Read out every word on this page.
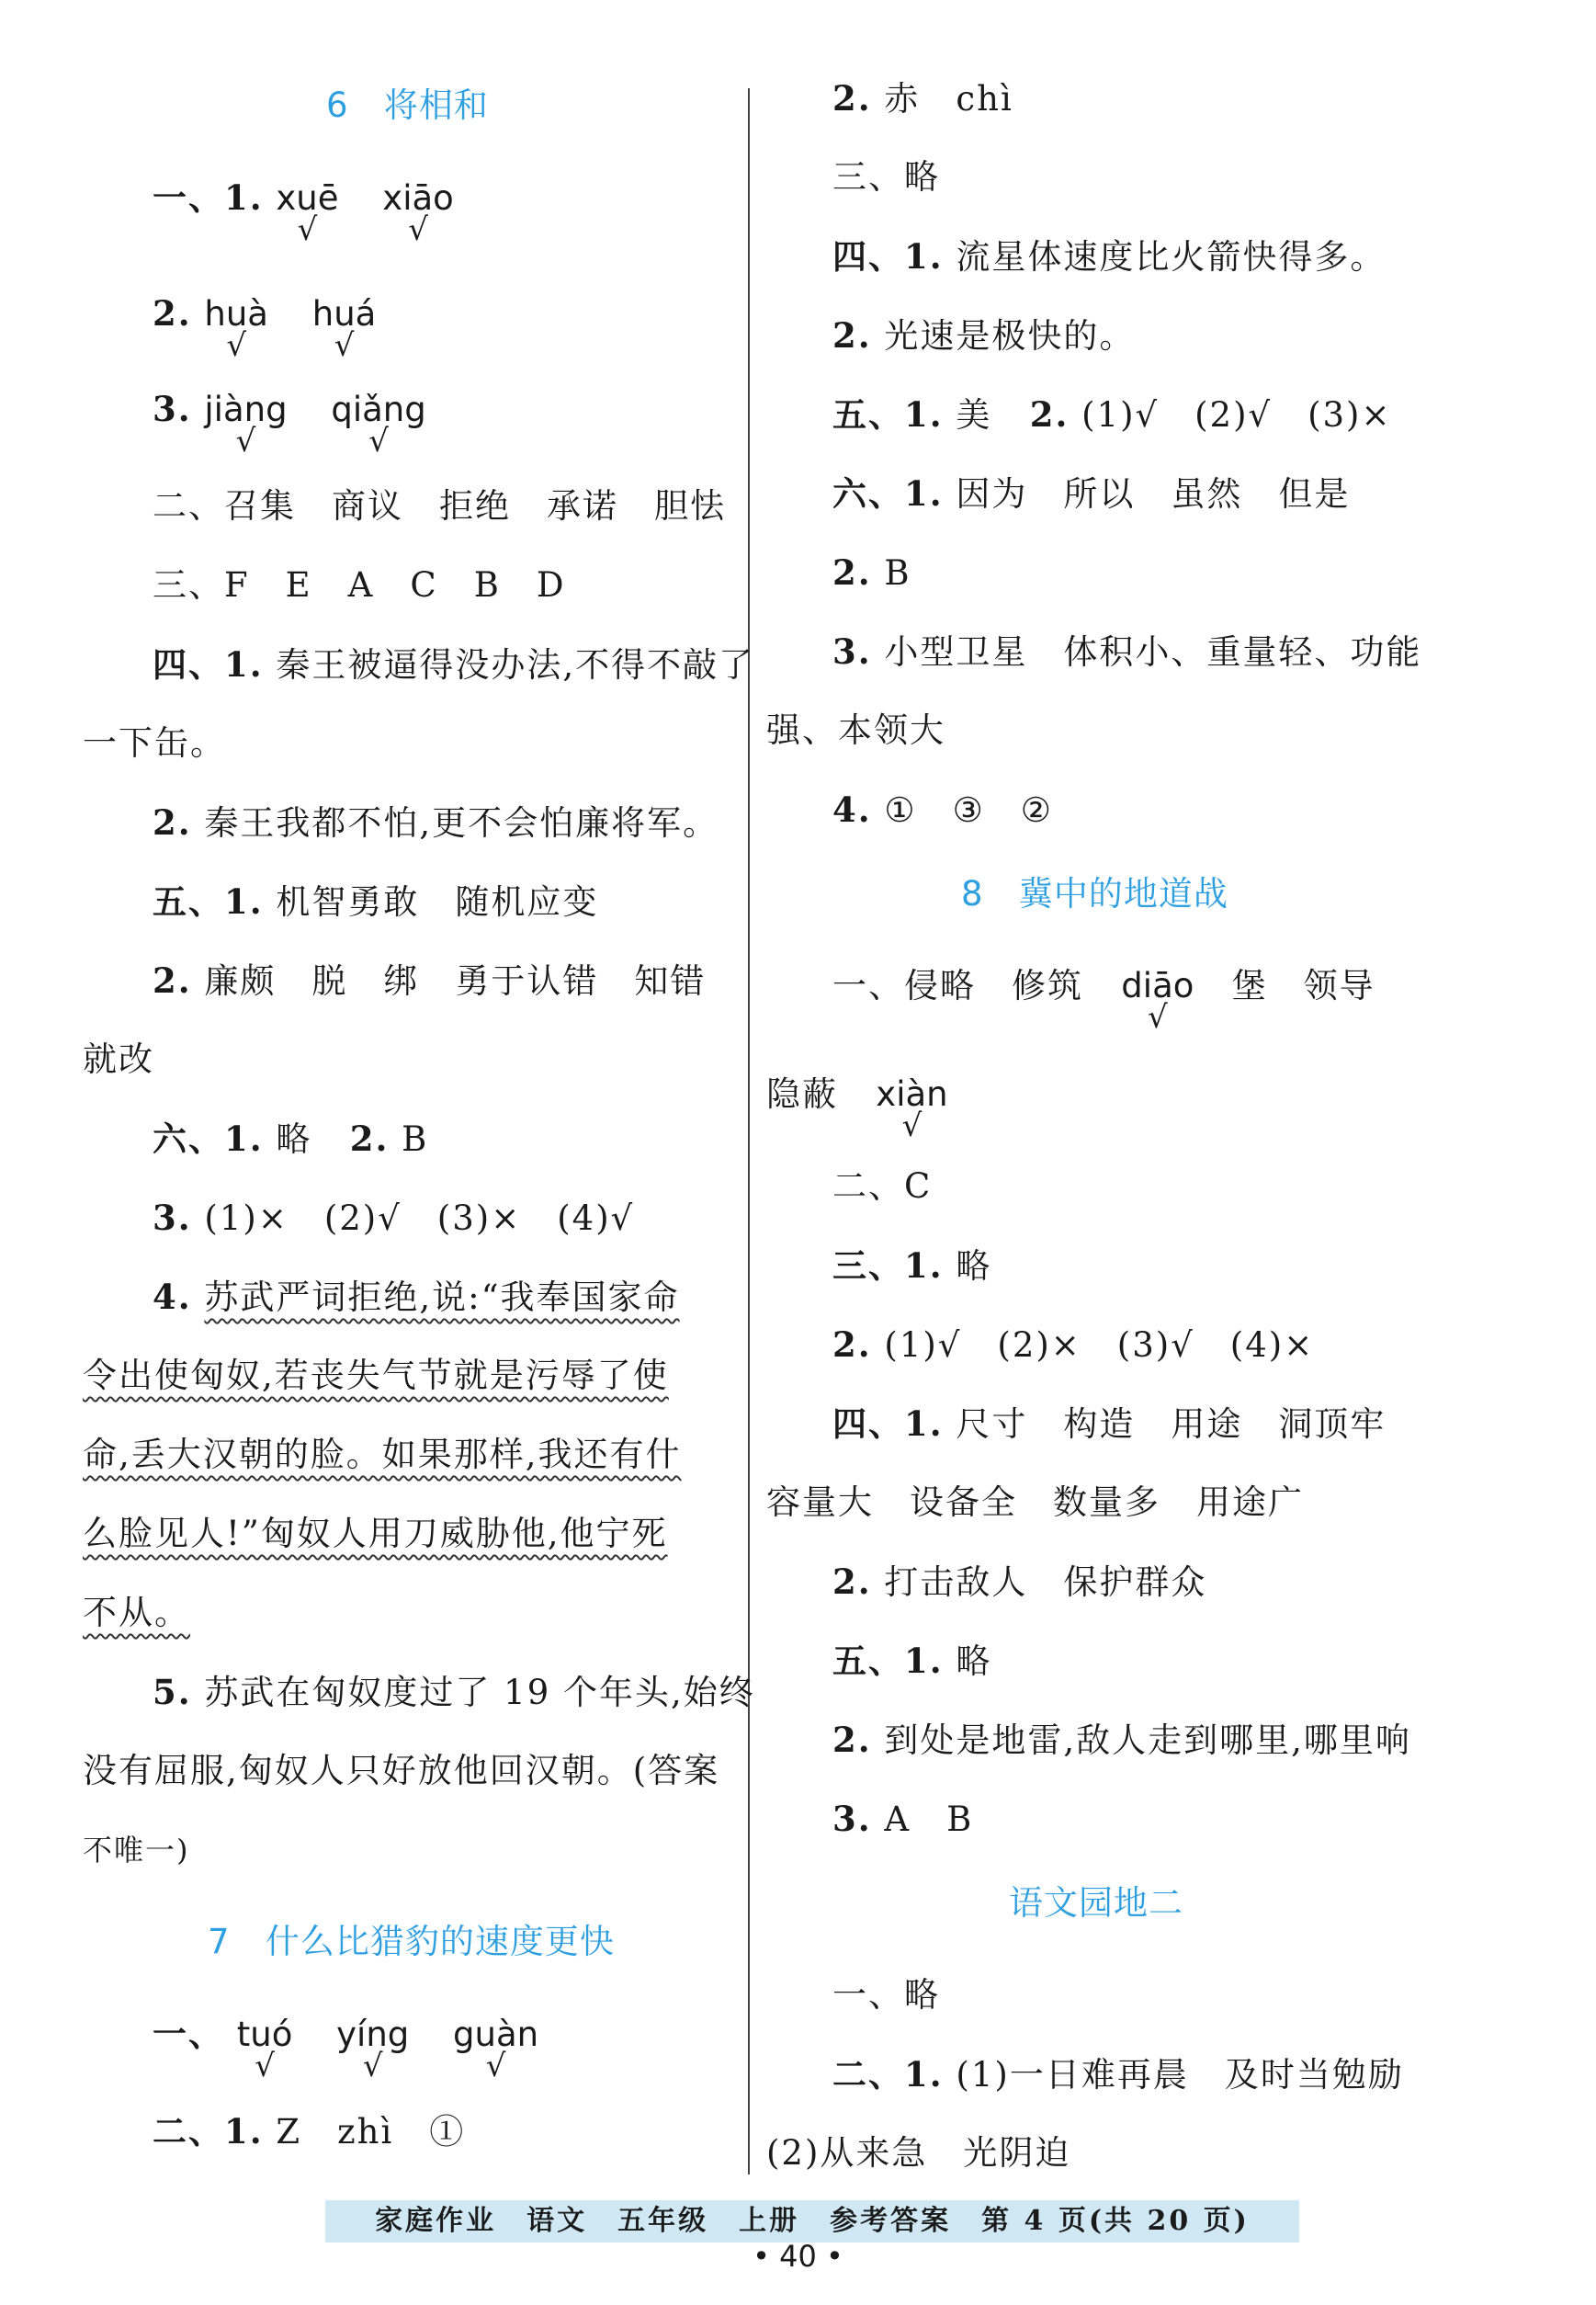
6 将相和
一、1. xuē
√
xiāo
√
2. huà
√
huá
√
3. jiàng
√
qiǎng
√
二、召集　商议　拒绝　承诺　胆怯
三、F　E　A　C　B　D
四、1. 秦王被逼得没办法,不得不敲了
一下缶。
2. 秦王我都不怕,更不会怕廉将军。
五、1. 机智勇敢　随机应变
2. 廉颇　脱　绑　勇于认错　知错
就改
六、1. 略 2. B
3. (1)×　(2)√　(3)×　(4)√
4. 苏武严词拒绝,说:“我奉国家命
令出使匈奴,若丧失气节就是污辱了使
命,丢大汉朝的脸。如果那样,我还有什
么脸见人!”匈奴人用刀威胁他,他宁死
不从。
5. 苏武在匈奴度过了 19 个年头,始终
没有屈服,匈奴人只好放他回汉朝。(答案
不唯一)
7 什么比猎豹的速度更快
一、 tuó
√
yíng
√
guàn
√
二、1. Z　zhì　①
2. 赤　chì
三、略
四、1. 流星体速度比火箭快得多。
2. 光速是极快的。
五、1. 美 2. (1)√　(2)√　(3)×
六、1. 因为　所以　虽然　但是
2. B
3. 小型卫星　体积小、重量轻、功能
强、本领大
4. ①　③　②
8 冀中的地道战
一、侵略　修筑 diāo
√
堡　领导
隐蔽 xiàn
√
二、C
三、1. 略
2. (1)√　(2)×　(3)√　(4)×
四、1. 尺寸　构造　用途　洞顶牢
容量大　设备全　数量多　用途广
2. 打击敌人　保护群众
五、1. 略
2. 到处是地雷,敌人走到哪里,哪里响
3. A　B
语文园地二
一、略
二、1. (1)一日难再晨　及时当勉励
(2)从来急　光阴迫
家庭作业　语文　五年级　上册　参考答案　第 4 页(共 20 页)
• 40 •
